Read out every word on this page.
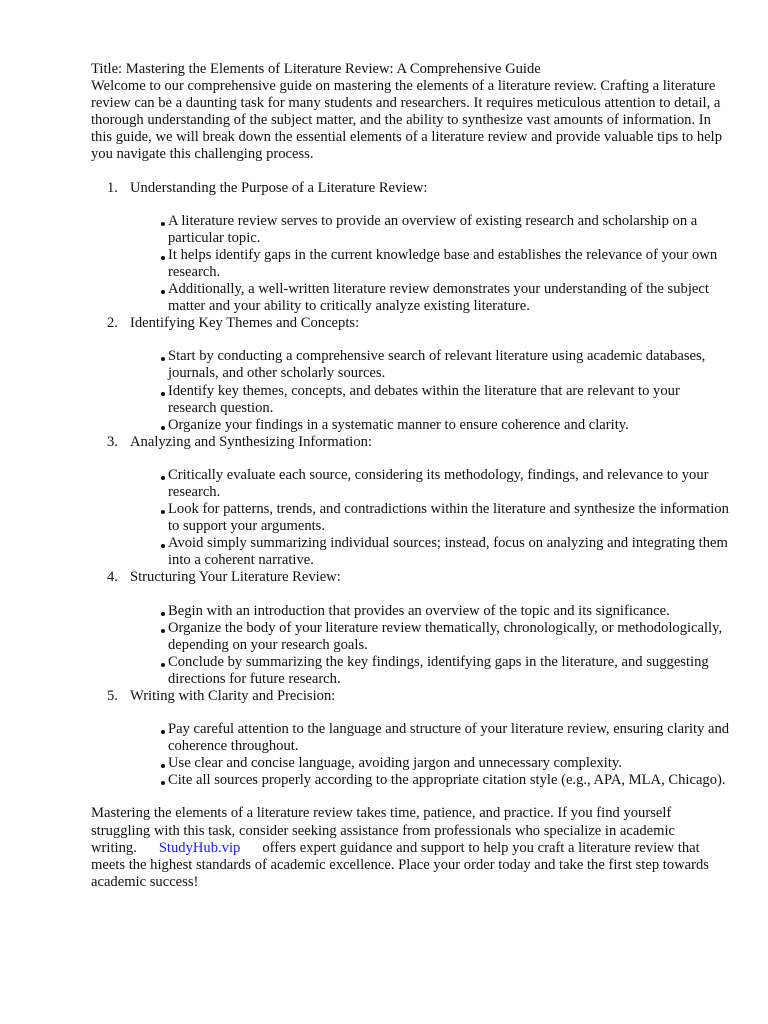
Title: Mastering the Elements of Literature Review: A Comprehensive Guide

Welcome to our comprehensive guide on mastering the elements of a literature review. Crafting a literature review can be a daunting task for many students and researchers. It requires meticulous attention to detail, a thorough understanding of the subject matter, and the ability to synthesize vast amounts of information. In this guide, we will break down the essential elements of a literature review and provide valuable tips to help you navigate this challenging process.

1. Understanding the Purpose of a Literature Review:

A literature review serves to provide an overview of existing research and scholarship on a particular topic.
It helps identify gaps in the current knowledge base and establishes the relevance of your own research.
Additionally, a well-written literature review demonstrates your understanding of the subject matter and your ability to critically analyze existing literature.

2. Identifying Key Themes and Concepts:

Start by conducting a comprehensive search of relevant literature using academic databases, journals, and other scholarly sources.
Identify key themes, concepts, and debates within the literature that are relevant to your research question.
Organize your findings in a systematic manner to ensure coherence and clarity.

3. Analyzing and Synthesizing Information:

Critically evaluate each source, considering its methodology, findings, and relevance to your research.
Look for patterns, trends, and contradictions within the literature and synthesize the information to support your arguments.
Avoid simply summarizing individual sources; instead, focus on analyzing and integrating them into a coherent narrative.

4. Structuring Your Literature Review:

Begin with an introduction that provides an overview of the topic and its significance.
Organize the body of your literature review thematically, chronologically, or methodologically, depending on your research goals.
Conclude by summarizing the key findings, identifying gaps in the literature, and suggesting directions for future research.

5. Writing with Clarity and Precision:

Pay careful attention to the language and structure of your literature review, ensuring clarity and coherence throughout.
Use clear and concise language, avoiding jargon and unnecessary complexity.
Cite all sources properly according to the appropriate citation style (e.g., APA, MLA, Chicago).

Mastering the elements of a literature review takes time, patience, and practice. If you find yourself struggling with this task, consider seeking assistance from professionals who specialize in academic writing. StudyHub.vip offers expert guidance and support to help you craft a literature review that meets the highest standards of academic excellence. Place your order today and take the first step towards academic success!
